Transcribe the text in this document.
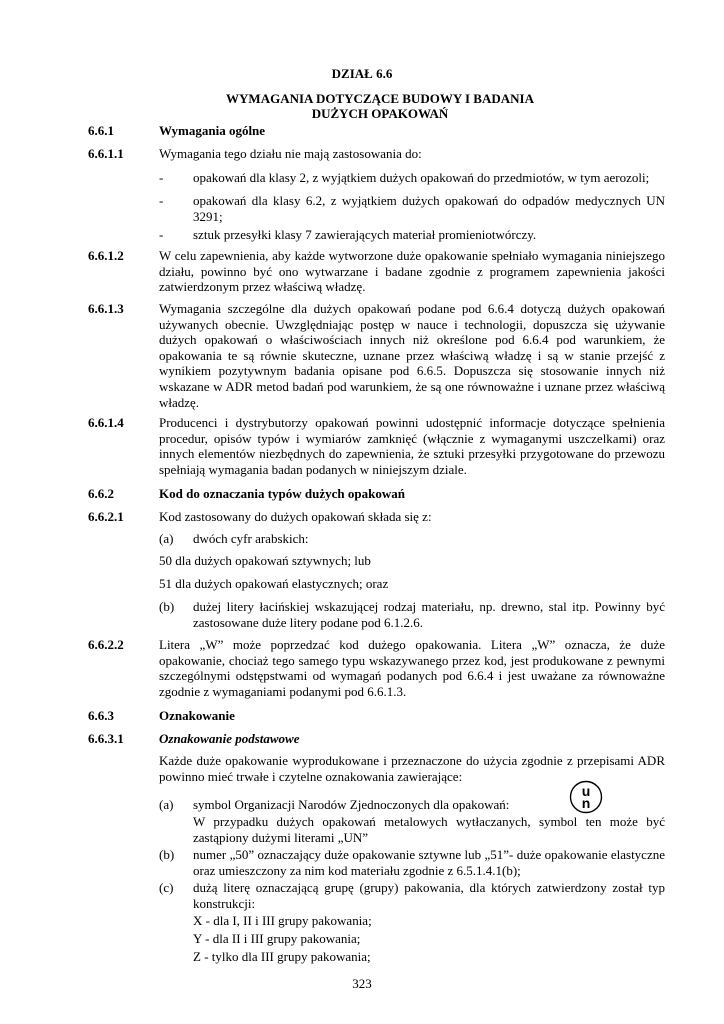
DZIAŁ 6.6
WYMAGANIA DOTYCZĄCE BUDOWY I BADANIA
DUŻYCH OPAKOWAŃ
6.6.1	Wymagania ogólne
6.6.1.1	Wymagania tego działu nie mają zastosowania do:
- opakowań dla klasy 2, z wyjątkiem dużych opakowań do przedmiotów, w tym aerozoli;
- opakowań dla klasy 6.2, z wyjątkiem dużych opakowań do odpadów medycznych UN 3291;
- sztuk przesyłki klasy 7 zawierających materiał promieniotwórczy.
6.6.1.2	W celu zapewnienia, aby każde wytworzone duże opakowanie spełniało wymagania niniejszego działu, powinno być ono wytwarzane i badane zgodnie z programem zapewnienia jakości zatwierdzonym przez właściwą władzę.
6.6.1.3	Wymagania szczególne dla dużych opakowań podane pod 6.6.4 dotyczą dużych opakowań używanych obecnie. Uwzględniając postęp w nauce i technologii, dopuszcza się używanie dużych opakowań o właściwościach innych niż określone pod 6.6.4 pod warunkiem, że opakowania te są równie skuteczne, uznane przez właściwą władzę i są w stanie przejść z wynikiem pozytywnym badania opisane pod 6.6.5. Dopuszcza się stosowanie innych niż wskazane w ADR metod badań pod warunkiem, że są one równoważne i uznane przez właściwą władzę.
6.6.1.4	Producenci i dystrybutorzy opakowań powinni udostępnić informacje dotyczące spełnienia procedur, opisów typów i wymiarów zamknięć (włącznie z wymaganymi uszczelkami) oraz innych elementów niezbędnych do zapewnienia, że sztuki przesyłki przygotowane do przewozu spełniają wymagania badan podanych w niniejszym dziale.
6.6.2	Kod do oznaczania typów dużych opakowań
6.6.2.1	Kod zastosowany do dużych opakowań składa się z:
(a) dwóch cyfr arabskich:
50 dla dużych opakowań sztywnych; lub
51 dla dużych opakowań elastycznych; oraz
(b) dużej litery łacińskiej wskazującej rodzaj materiału, np. drewno, stal itp. Powinny być zastosowane duże litery podane pod 6.1.2.6.
6.6.2.2	Litera „W” może poprzedzać kod dużego opakowania. Litera „W” oznacza, że duże opakowanie, chociaż tego samego typu wskazywanego przez kod, jest produkowane z pewnymi szczególnymi odstępstwami od wymagań podanych pod 6.6.4 i jest uważane za równoważne zgodnie z wymaganiami podanymi pod 6.6.1.3.
6.6.3	Oznakowanie
6.6.3.1	Oznakowanie podstawowe
Każde duże opakowanie wyprodukowane i przeznaczone do użycia zgodnie z przepisami ADR powinno mieć trwałe i czytelne oznakowania zawierające:
(a) symbol Organizacji Narodów Zjednoczonych dla opakowań:
u
n
W przypadku dużych opakowań metalowych wytłaczanych, symbol ten może być zastąpiony dużymi literami „UN”
(b) numer „50” oznaczający duże opakowanie sztywne lub „51”- duże opakowanie elastyczne oraz umieszczony za nim kod materiału zgodnie z 6.5.1.4.1(b);
(c) dużą literę oznaczającą grupę (grupy) pakowania, dla których zatwierdzony został typ konstrukcji:
X - dla I, II i III grupy pakowania;
Y - dla II i III grupy pakowania;
Z - tylko dla III grupy pakowania;
323
